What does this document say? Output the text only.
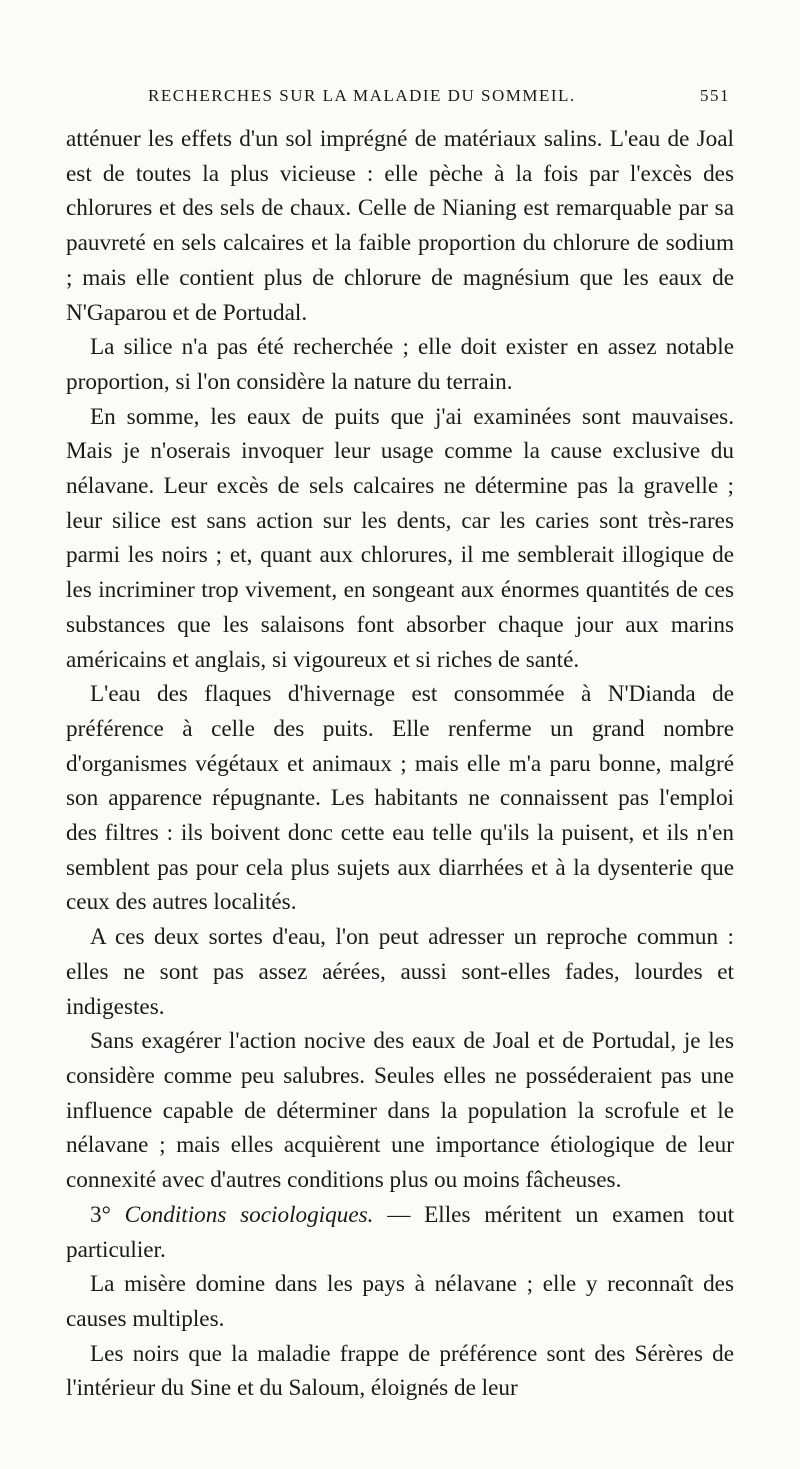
RECHERCHES SUR LA MALADIE DU SOMMEIL.	551

atténuer les effets d'un sol imprégné de matériaux salins. L'eau de Joal est de toutes la plus vicieuse : elle pèche à la fois par l'excès des chlorures et des sels de chaux. Celle de Nianing est remarquable par sa pauvreté en sels calcaires et la faible proportion du chlorure de sodium ; mais elle contient plus de chlorure de magnésium que les eaux de N'Gaparou et de Portudal.

La silice n'a pas été recherchée ; elle doit exister en assez notable proportion, si l'on considère la nature du terrain.

En somme, les eaux de puits que j'ai examinées sont mauvaises. Mais je n'oserais invoquer leur usage comme la cause exclusive du nélavane. Leur excès de sels calcaires ne détermine pas la gravelle ; leur silice est sans action sur les dents, car les caries sont très-rares parmi les noirs ; et, quant aux chlorures, il me semblerait illogique de les incriminer trop vivement, en songeant aux énormes quantités de ces substances que les salaisons font absorber chaque jour aux marins américains et anglais, si vigoureux et si riches de santé.

L'eau des flaques d'hivernage est consommée à N'Dianda de préférence à celle des puits. Elle renferme un grand nombre d'organismes végétaux et animaux ; mais elle m'a paru bonne, malgré son apparence répugnante. Les habitants ne connaissent pas l'emploi des filtres : ils boivent donc cette eau telle qu'ils la puisent, et ils n'en semblent pas pour cela plus sujets aux diarrhées et à la dysenterie que ceux des autres localités.

A ces deux sortes d'eau, l'on peut adresser un reproche commun : elles ne sont pas assez aérées, aussi sont-elles fades, lourdes et indigestes.

Sans exagérer l'action nocive des eaux de Joal et de Portudal, je les considère comme peu salubres. Seules elles ne posséderaient pas une influence capable de déterminer dans la population la scrofule et le nélavane ; mais elles acquièrent une importance étiologique de leur connexité avec d'autres conditions plus ou moins fâcheuses.

3° Conditions sociologiques. — Elles méritent un examen tout particulier.

La misère domine dans les pays à nélavane ; elle y reconnaît des causes multiples.

Les noirs que la maladie frappe de préférence sont des Sérères de l'intérieur du Sine et du Saloum, éloignés de leur
